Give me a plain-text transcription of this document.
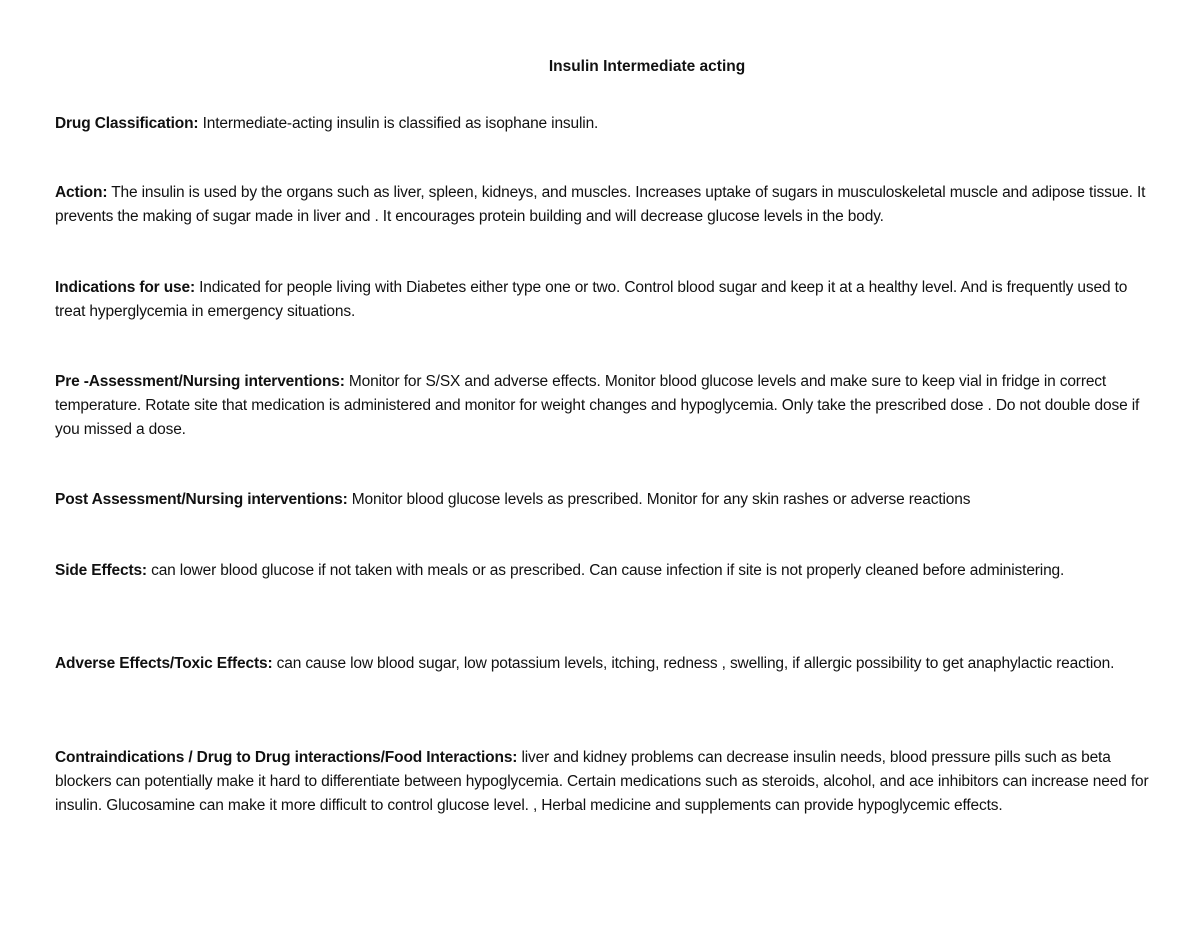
Insulin Intermediate acting

Drug Classification: Intermediate-acting insulin is classified as isophane insulin.

Action: The insulin is used by the organs such as liver, spleen, kidneys, and muscles. Increases uptake of sugars in musculoskeletal muscle and adipose tissue. It prevents the making of sugar made in liver and . It encourages protein building and will decrease glucose levels in the body.

Indications for use: Indicated for people living with Diabetes either type one or two. Control blood sugar and keep it at a healthy level. And is frequently used to treat hyperglycemia in emergency situations.

Pre -Assessment/Nursing interventions: Monitor for S/SX and adverse effects. Monitor blood glucose levels and make sure to keep vial in fridge in correct temperature. Rotate site that medication is administered and monitor for weight changes and hypoglycemia. Only take the prescribed dose . Do not double dose if you missed a dose.

Post Assessment/Nursing interventions: Monitor blood glucose levels as prescribed. Monitor for any skin rashes or adverse reactions

Side Effects: can lower blood glucose if not taken with meals or as prescribed. Can cause infection if site is not properly cleaned before administering.

Adverse Effects/Toxic Effects: can cause low blood sugar, low potassium levels, itching, redness , swelling, if allergic possibility to get anaphylactic reaction.

Contraindications / Drug to Drug interactions/Food Interactions: liver and kidney problems can decrease insulin needs, blood pressure pills such as beta blockers can potentially make it hard to differentiate between hypoglycemia. Certain medications such as steroids, alcohol, and ace inhibitors can increase need for insulin. Glucosamine can make it more difficult to control glucose level. , Herbal medicine and supplements can provide hypoglycemic effects.
